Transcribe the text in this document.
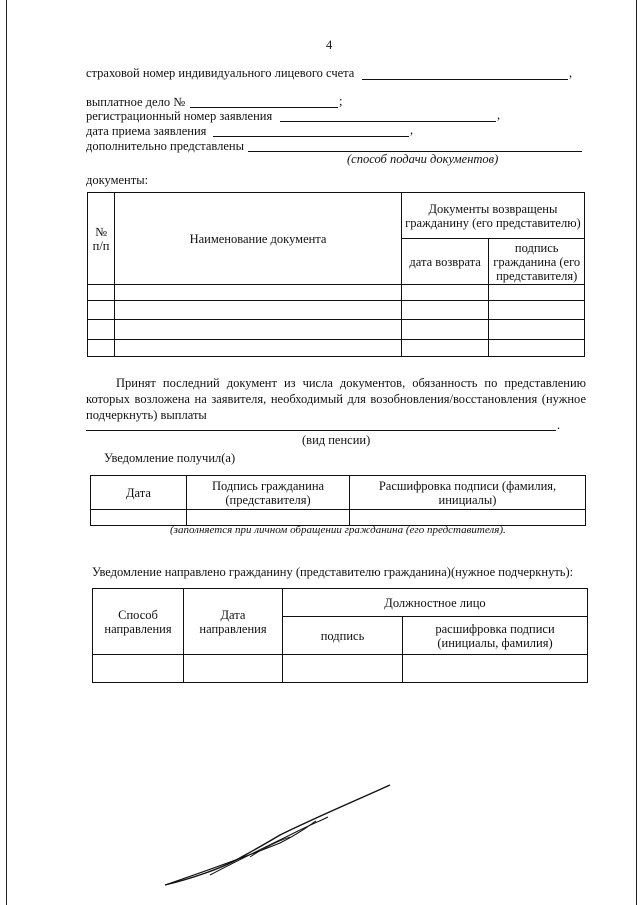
4
страховой номер индивидуального лицевого счета	,
выплатное дело №	;
регистрационный номер заявления	,
дата приема заявления	,
дополнительно представлены
(способ подачи документов)
документы:
№ п/п	Наименование документа	Документы возвращены гражданину (его представителю)	
		дата возврата	подпись гражданина (его представителя)

Принят последний документ из числа документов, обязанность по представлению которых возложена на заявителя, необходимый для возобновления/восстановления (нужное подчеркнуть) выплаты
.
(вид пенсии)
Уведомление получил(а)
Дата	Подпись гражданина (представителя)	Расшифровка подписи (фамилия, инициалы)

(заполняется при личном обращении гражданина (его представителя).
Уведомление направлено гражданину (представителю гражданина)(нужное подчеркнуть):
Способ направления	Дата направления	Должностное лицо	
		подпись	расшифровка подписи (инициалы, фамилия)
